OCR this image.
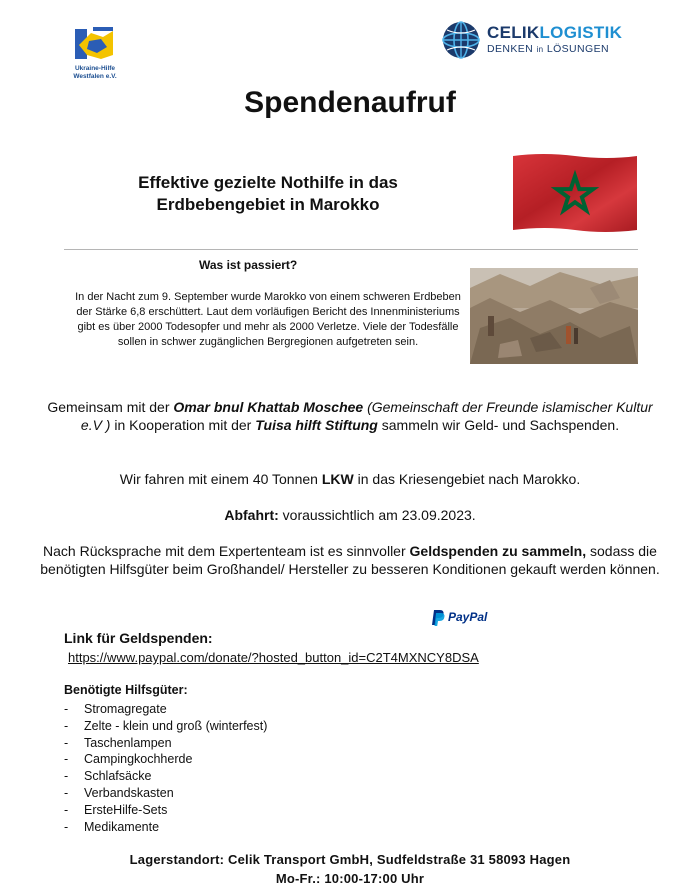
Ukraine-Hilfe
Westfalen e.V.
CELIKLOGISTIK
DENKEN in LÖSUNGEN
Spendenaufruf
Effektive gezielte Nothilfe in das
Erdbebengebiet in Marokko
Was ist passiert?
In der Nacht zum 9. September wurde Marokko von einem schweren Erdbeben der Stärke 6,8 erschüttert. Laut dem vorläufigen Bericht des Innenministeriums gibt es über 2000 Todesopfer und mehr als 2000 Verletze. Viele der Todesfälle sollen in schwer zugänglichen Bergregionen aufgetreten sein.
Gemeinsam mit der Omar bnul Khattab Moschee (Gemeinschaft der Freunde islamischer Kultur e.V ) in Kooperation mit der Tuisa hilft Stiftung sammeln wir Geld- und Sachspenden.
Wir fahren mit einem 40 Tonnen LKW in das Kriesengebiet nach Marokko.
Abfahrt: voraussichtlich am 23.09.2023.
Nach Rücksprache mit dem Expertenteam ist es sinnvoller Geldspenden zu sammeln, sodass die benötigten Hilfsgüter beim Großhandel/ Hersteller zu besseren Konditionen gekauft werden können.
PayPal
Link für Geldspenden:
https://www.paypal.com/donate/?hosted_button_id=C2T4MXNCY8DSA
Benötigte Hilfsgüter:
-	Stromagregate
-	Zelte - klein und groß (winterfest)
-	Taschenlampen
-	Campingkochherde
-	Schlafsäcke
-	Verbandskasten
-	ErsteHilfe-Sets
-	Medikamente
Lagerstandort: Celik Transport GmbH, Sudfeldstraße 31 58093 Hagen
Mo-Fr.: 10:00-17:00 Uhr
